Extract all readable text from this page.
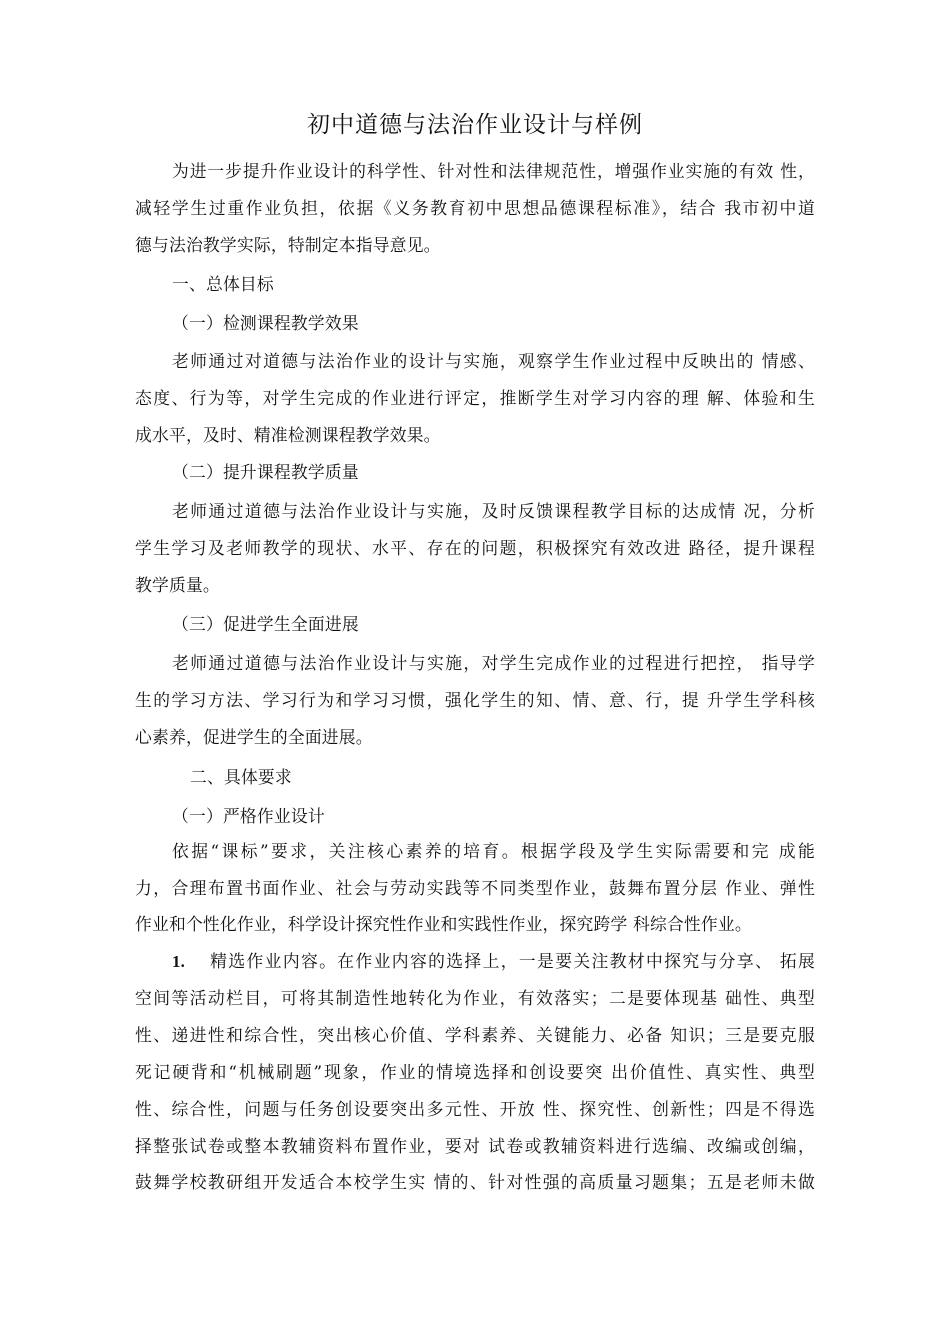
初中道德与法治作业设计与样例
为进一步提升作业设计的科学性、针对性和法律规范性，增强作业实施的有效 性，
减轻学生过重作业负担，依据《义务教育初中思想品德课程标准》，结合 我市初中道
德与法治教学实际，特制定本指导意见。
一、总体目标
（一）检测课程教学效果
老师通过对道德与法治作业的设计与实施，观察学生作业过程中反映出的 情感、
态度、行为等，对学生完成的作业进行评定，推断学生对学习内容的理 解、体验和生
成水平，及时、精准检测课程教学效果。
（二）提升课程教学质量
老师通过道德与法治作业设计与实施，及时反馈课程教学目标的达成情 况，分析
学生学习及老师教学的现状、水平、存在的问题，积极探究有效改进 路径，提升课程
教学质量。
（三）促进学生全面进展
老师通过道德与法治作业设计与实施，对学生完成作业的过程进行把控， 指导学
生的学习方法、学习行为和学习习惯，强化学生的知、情、意、行，提 升学生学科核
心素养，促进学生的全面进展。
二、具体要求
（一）严格作业设计
依据“课标”要求，关注核心素养的培育。根据学段及学生实际需要和完 成能
力，合理布置书面作业、社会与劳动实践等不同类型作业，鼓舞布置分层 作业、弹性
作业和个性化作业，科学设计探究性作业和实践性作业，探究跨学 科综合性作业。
1. 精选作业内容。在作业内容的选择上，一是要关注教材中探究与分享、 拓展
空间等活动栏目，可将其制造性地转化为作业，有效落实；二是要体现基 础性、典型
性、递进性和综合性，突出核心价值、学科素养、关键能力、必备 知识；三是要克服
死记硬背和“机械刷题”现象，作业的情境选择和创设要突 出价值性、真实性、典型
性、综合性，问题与任务创设要突出多元性、开放 性、探究性、创新性；四是不得选
择整张试卷或整本教辅资料布置作业，要对 试卷或教辅资料进行选编、改编或创编，
鼓舞学校教研组开发适合本校学生实 情的、针对性强的高质量习题集；五是老师未做
